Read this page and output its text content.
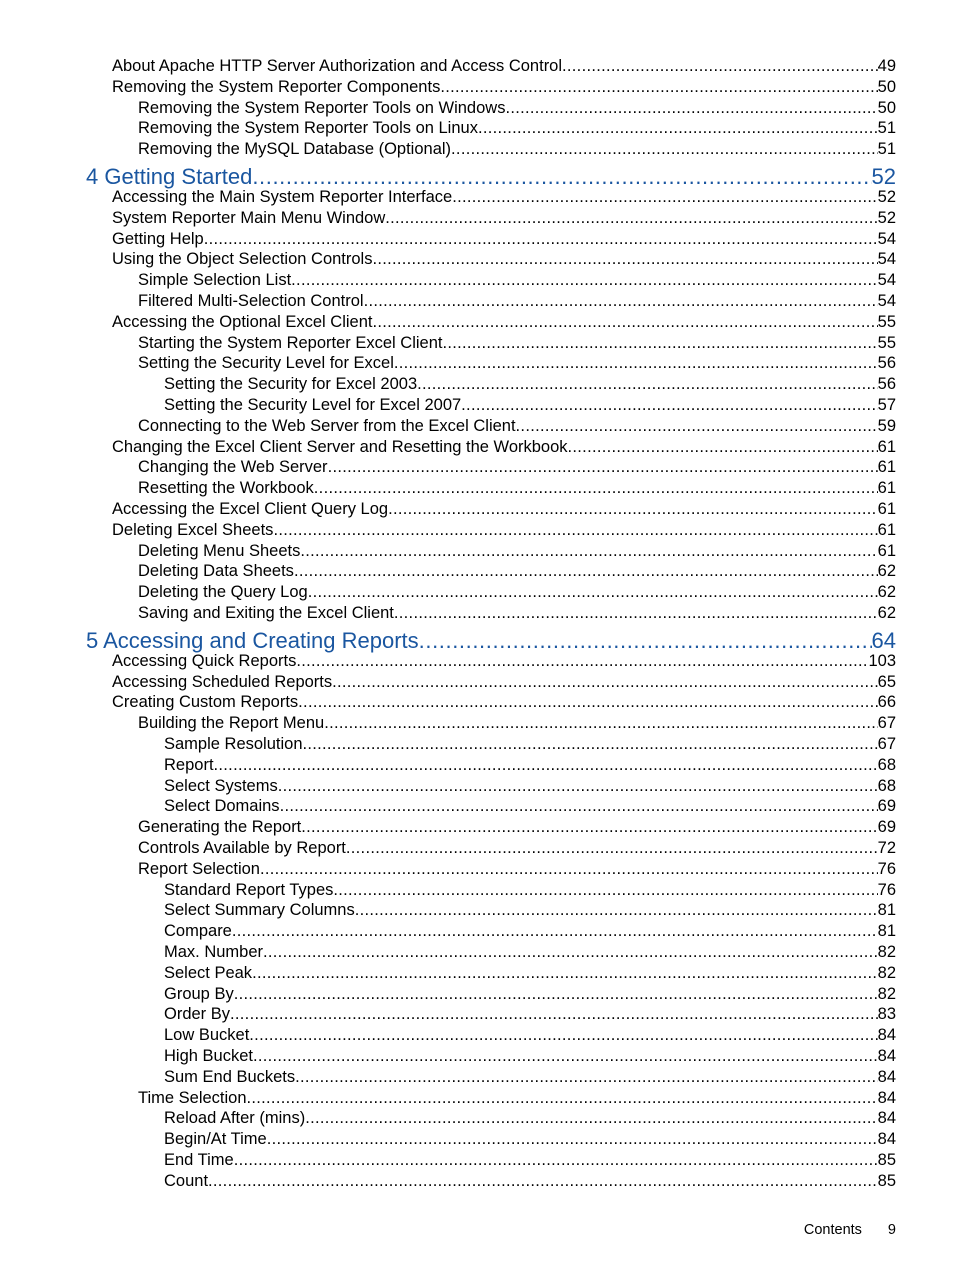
About Apache HTTP Server Authorization and Access Control .....	49
Removing the System Reporter Components .....	50
Removing the System Reporter Tools on Windows .....	50
Removing the System Reporter Tools on Linux .....	51
Removing the MySQL Database (Optional) .....	51
4 Getting Started .....	52
Accessing the Main System Reporter Interface .....	52
System Reporter Main Menu Window .....	52
Getting Help .....	54
Using the Object Selection Controls .....	54
Simple Selection List .....	54
Filtered Multi-Selection Control .....	54
Accessing the Optional Excel Client .....	55
Starting the System Reporter Excel Client .....	55
Setting the Security Level for Excel .....	56
Setting the Security for Excel 2003 .....	56
Setting the Security Level for Excel 2007 .....	57
Connecting to the Web Server from the Excel Client .....	59
Changing the Excel Client Server and Resetting the Workbook .....	61
Changing the Web Server .....	61
Resetting the Workbook .....	61
Accessing the Excel Client Query Log .....	61
Deleting Excel Sheets .....	61
Deleting Menu Sheets .....	61
Deleting Data Sheets .....	62
Deleting the Query Log .....	62
Saving and Exiting the Excel Client .....	62
5 Accessing and Creating Reports .....	64
Accessing Quick Reports .....	103
Accessing Scheduled Reports .....	65
Creating Custom Reports .....	66
Building the Report Menu .....	67
Sample Resolution .....	67
Report .....	68
Select Systems .....	68
Select Domains .....	69
Generating the Report .....	69
Controls Available by Report .....	72
Report Selection .....	76
Standard Report Types .....	76
Select Summary Columns .....	81
Compare .....	81
Max. Number .....	82
Select Peak .....	82
Group By .....	82
Order By .....	83
Low Bucket .....	84
High Bucket .....	84
Sum End Buckets .....	84
Time Selection .....	84
Reload After (mins) .....	84
Begin/At Time .....	84
End Time .....	85
Count .....	85
Contents 9
